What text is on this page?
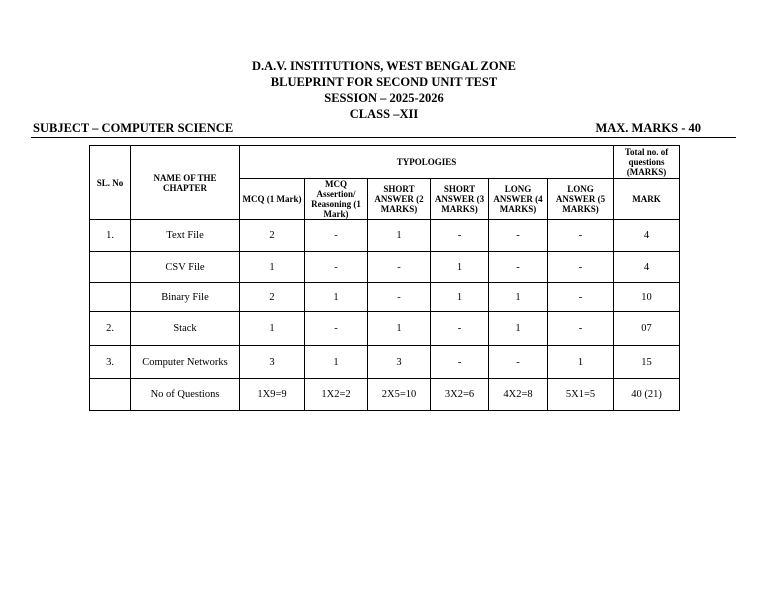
D.A.V. INSTITUTIONS, WEST BENGAL ZONE
BLUEPRINT FOR SECOND UNIT TEST
SESSION – 2025-2026
CLASS –XII
SUBJECT – COMPUTER SCIENCE	MAX. MARKS - 40
SL. No	NAME OF THE CHAPTER	TYPOLOGIES						Total no. of questions (MARKS)
		MCQ (1 Mark)	MCQ Assertion/ Reasoning (1 Mark)	SHORT ANSWER (2 MARKS)	SHORT ANSWER (3 MARKS)	LONG ANSWER (4 MARKS)	LONG ANSWER (5 MARKS)	MARK
1.	Text File	2	-	1	-	-	-	4
	CSV File	1	-	-	1	-	-	4
	Binary File	2	1	-	1	1	-	10
2.	Stack	1	-	1	-	1	-	07
3.	Computer Networks	3	1	3	-	-	1	15
	No of Questions	1X9=9	1X2=2	2X5=10	3X2=6	4X2=8	5X1=5	40 (21)
